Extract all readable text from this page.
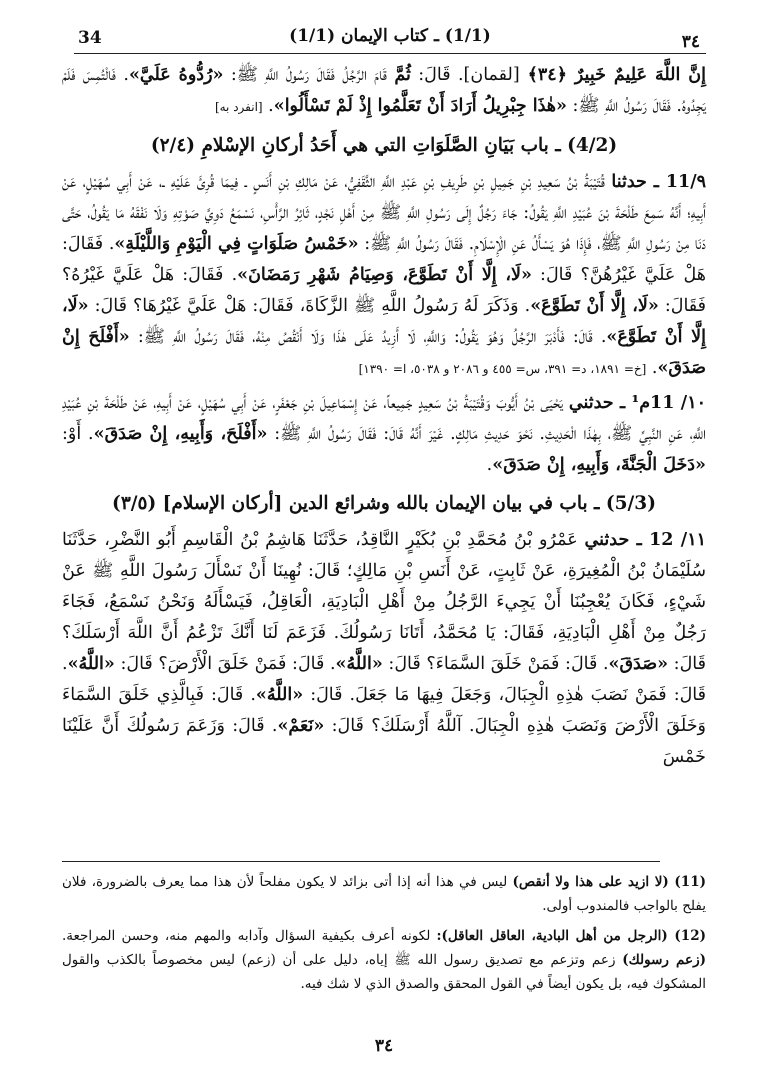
34	(1/1) ـ كتاب الإيمان (1/1)	٣٤

إِنَّ اللَّهَ عَلِيمٌ خَبِيرٌ ﴿٣٤﴾ [لقمان]. قَالَ: ثُمَّ قَامَ الرَّجُلُ فَقَالَ رَسُولُ اللَّهِ ﷺ: «رُدُّوهُ عَلَيَّ». فَالْتُمِسَ فَلَمْ يَجِدُوهُ. فَقَالَ رَسُولُ اللَّهِ ﷺ: «هٰذَا جِبْرِيلُ أَرَادَ أَنْ تَعَلَّمُوا إِذْ لَمْ تَسْأَلُوا». [انفرد به]

(4/2) ـ باب بَيَانِ الصَّلَوَاتِ التي هي أَحَدُ أركانِ الإسْلامِ (٢/٤)

٩/11 ـ حدثنا قُتَيْبَةُ بْنُ سَعِيدِ بْنِ جَمِيلِ بْنِ طَرِيفِ بْنِ عَبْدِ اللَّهِ الثَّقَفِيُّ، عَنْ مَالِكِ بْنِ أَنَسٍ ـ فِيمَا قُرِئَ عَلَيْهِ ـ، عَنْ أَبِي سُهَيْلٍ، عَنْ أَبِيهِ؛ أَنَّهُ سَمِعَ طَلْحَةَ بْنَ عُبَيْدِ اللَّهِ يَقُولُ: جَاءَ رَجُلٌ إِلَى رَسُولِ اللَّهِ ﷺ مِنْ أَهْلِ نَجْدٍ، ثَائِرُ الرَّأْسِ، نَسْمَعُ دَوِيَّ صَوْتِهِ وَلَا نَفْقَهُ مَا يَقُولُ، حَتَّى دَنَا مِنْ رَسُولِ اللَّهِ ﷺ، فَإِذَا هُوَ يَسْأَلُ عَنِ الْإِسْلَامِ. فَقَالَ رَسُولُ اللَّهِ ﷺ: «خَمْسُ صَلَوَاتٍ فِي الْيَوْمِ وَاللَّيْلَةِ». فَقَالَ: هَلْ عَلَيَّ غَيْرُهُنَّ؟ قَالَ: «لَا، إِلَّا أَنْ تَطَوَّعَ، وَصِيَامُ شَهْرِ رَمَضَانَ». فَقَالَ: هَلْ عَلَيَّ غَيْرُهُ؟ فَقَالَ: «لَا، إِلَّا أَنْ تَطَوَّعَ». وَذَكَرَ لَهُ رَسُولُ اللَّهِ ﷺ الزَّكَاةَ، فَقَالَ: هَلْ عَلَيَّ غَيْرُهَا؟ قَالَ: «لَا، إِلَّا أَنْ تَطَوَّعَ». قَالَ: فَأَدْبَرَ الرَّجُلُ وَهُوَ يَقُولُ: وَاللَّهِ، لَا أَزِيدُ عَلَى هٰذَا وَلَا أَنْقُصُ مِنْهُ، فَقَالَ رَسُولُ اللَّهِ ﷺ: «أَفْلَحَ إِنْ صَدَقَ». [خ= ١٨٩١، د= ٣٩١، س= ٤٥٥ و ٢٠٨٦ و ٥٠٣٨، ا= ١٣٩٠]

١٠/ 11م¹ ـ حدثني يَحْيَى بْنُ أَيُّوبَ وَقُتَيْبَةُ بْنُ سَعِيدٍ جَمِيعاً، عَنْ إِسْمَاعِيلَ بْنِ جَعْفَرٍ، عَنْ أَبِي سُهَيْلٍ، عَنْ أَبِيهِ، عَنْ طَلْحَةَ بْنِ عُبَيْدِ اللَّهِ، عَنِ النَّبِيِّ ﷺ، بِهٰذَا الْحَدِيثِ. نَحْوَ حَدِيثِ مَالِكٍ. غَيْرَ أَنَّهُ قَالَ: فَقَالَ رَسُولُ اللَّهِ ﷺ: «أَفْلَحَ، وَأَبِيهِ، إِنْ صَدَقَ». أَوْ: «دَخَلَ الْجَنَّةَ، وَأَبِيهِ، إِنْ صَدَقَ».

(5/3) ـ باب في بيان الإيمان بالله وشرائع الدين [أركان الإسلام] (٣/٥)

١١/ 12 ـ حدثني عَمْرُو بْنُ مُحَمَّدِ بْنِ بُكَيْرٍ النَّاقِدُ، حَدَّثَنَا هَاشِمُ بْنُ الْقَاسِمِ أَبُو النَّضْرِ، حَدَّثَنَا سُلَيْمَانُ بْنُ الْمُغِيرَةِ، عَنْ ثَابِتٍ، عَنْ أَنَسِ بْنِ مَالِكٍ؛ قَالَ: نُهِينَا أَنْ نَسْأَلَ رَسُولَ اللَّهِ ﷺ عَنْ شَيْءٍ، فَكَانَ يُعْجِبُنَا أَنْ يَجِيءَ الرَّجُلُ مِنْ أَهْلِ الْبَادِيَةِ، الْعَاقِلُ، فَيَسْأَلَهُ وَنَحْنُ نَسْمَعُ، فَجَاءَ رَجُلٌ مِنْ أَهْلِ الْبَادِيَةِ، فَقَالَ: يَا مُحَمَّدُ، أَتَانَا رَسُولُكَ. فَزَعَمَ لَنَا أَنَّكَ تَزْعُمُ أَنَّ اللَّهَ أَرْسَلَكَ؟ قَالَ: «صَدَقَ». قَالَ: فَمَنْ خَلَقَ السَّمَاءَ؟ قَالَ: «اللَّهُ». قَالَ: فَمَنْ خَلَقَ الْأَرْضَ؟ قَالَ: «اللَّهُ». قَالَ: فَمَنْ نَصَبَ هٰذِهِ الْجِبَالَ، وَجَعَلَ فِيهَا مَا جَعَلَ. قَالَ: «اللَّهُ». قَالَ: فَبِالَّذِي خَلَقَ السَّمَاءَ وَخَلَقَ الْأَرْضَ وَنَصَبَ هٰذِهِ الْجِبَالَ. آللَّهُ أَرْسَلَكَ؟ قَالَ: «نَعَمْ». قَالَ: وَزَعَمَ رَسُولُكَ أَنَّ عَلَيْنَا خَمْسَ

(11) (لا ازيد على هذا ولا أنقص) ليس في هذا أنه إذا أتى بزائد لا يكون مفلحاً لأن هذا مما يعرف بالضرورة، فلان يفلح بالواجب فالمندوب أولى.

(12) (الرجل من أهل البادية، العاقل العاقل): لكونه أعرف بكيفية السؤال وآدابه والمهم منه، وحسن المراجعة. (زعم رسولك) زعم وتزعم مع تصديق رسول الله ﷺ إياه، دليل على أن (زعم) ليس مخصوصاً بالكذب والقول المشكوك فيه، بل يكون أيضاً في القول المحقق والصدق الذي لا شك فيه.

٣٤
